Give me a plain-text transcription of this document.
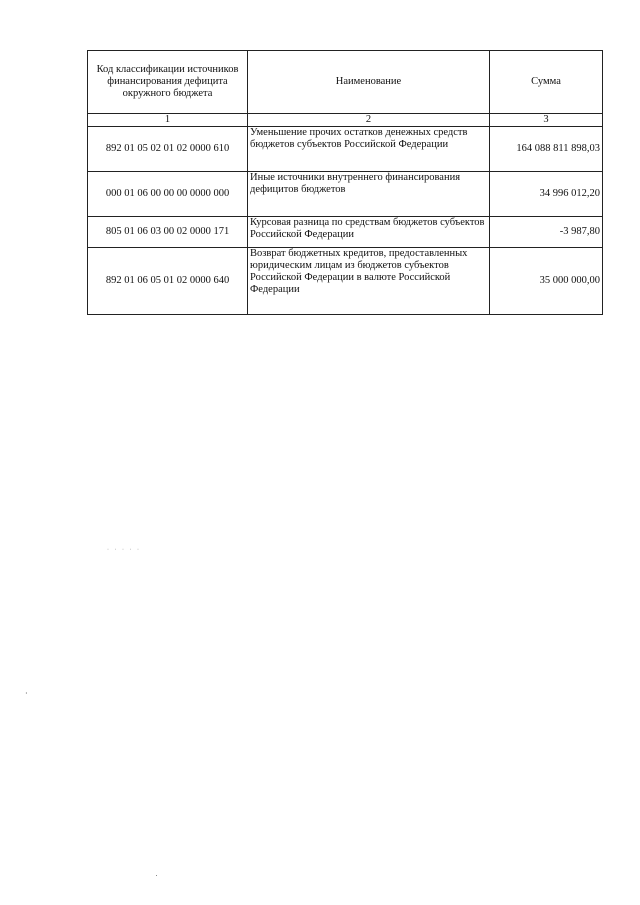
Код классификации источников финансирования дефицита окружного бюджета	Наименование	Сумма
1	2	3
892 01 05 02 01 02 0000 610	Уменьшение прочих остатков денежных средств бюджетов субъектов Российской Федерации	164 088 811 898,03
000 01 06 00 00 00 0000 000	Иные источники внутреннего финансирования дефицитов бюджетов	34 996 012,20
805 01 06 03 00 02 0000 171	Курсовая разница по средствам бюджетов субъектов Российской Федерации	-3 987,80
892 01 06 05 01 02 0000 640	Возврат бюджетных кредитов, предоставленных юридическим лицам из бюджетов субъектов Российской Федерации в валюте Российской Федерации	35 000 000,00
· · · · ·
·
